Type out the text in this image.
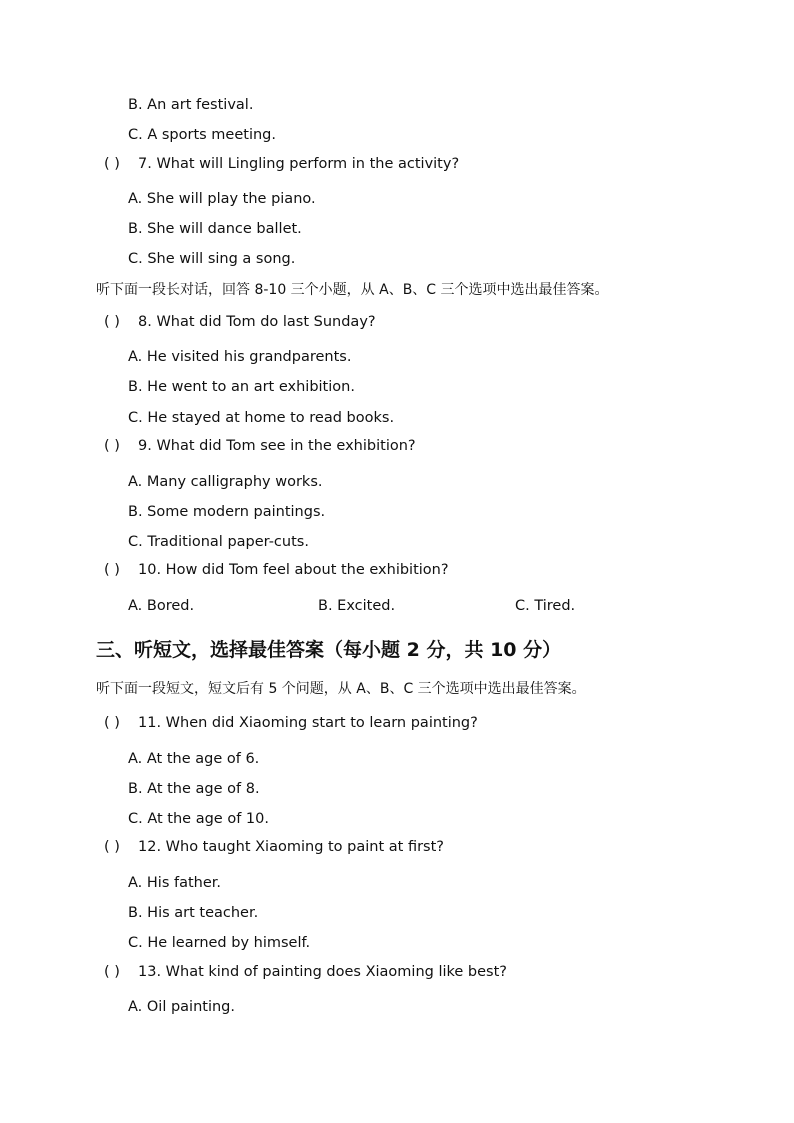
B. An art festival.
C. A sports meeting.
( ) 7. What will Lingling perform in the activity?
A. She will play the piano.
B. She will dance ballet.
C. She will sing a song.
听下面一段长对话，回答 8-10 三个小题，从 A、B、C 三个选项中选出最佳答案。
( ) 8. What did Tom do last Sunday?
A. He visited his grandparents.
B. He went to an art exhibition.
C. He stayed at home to read books.
( ) 9. What did Tom see in the exhibition?
A. Many calligraphy works.
B. Some modern paintings.
C. Traditional paper-cuts.
( ) 10. How did Tom feel about the exhibition?
A. Bored.	B. Excited.	C. Tired.
三、听短文，选择最佳答案（每小题 2 分，共 10 分）
听下面一段短文，短文后有 5 个问题，从 A、B、C 三个选项中选出最佳答案。
( ) 11. When did Xiaoming start to learn painting?
A. At the age of 6.
B. At the age of 8.
C. At the age of 10.
( ) 12. Who taught Xiaoming to paint at first?
A. His father.
B. His art teacher.
C. He learned by himself.
( ) 13. What kind of painting does Xiaoming like best?
A. Oil painting.
